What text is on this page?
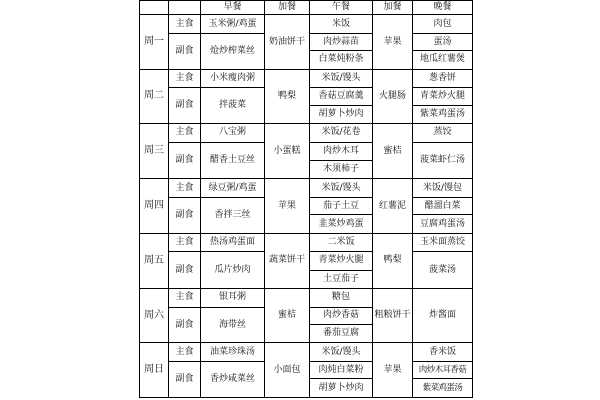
		早餐	加餐	午餐	加餐	晚餐
周一	主食	玉米粥/鸡蛋	奶油饼干	米饭	苹果	肉包
	副食	炝炒榨菜丝		肉炒蒜苗		蛋汤
				白菜炖粉条		地瓜红薯煲
周二	主食	小米瘦肉粥	鸭梨	米饭/馒头	火腿肠	葱香饼
	副食	拌菠菜		香菇豆腐羹		青菜炒火腿
				胡萝卜炒肉		紫菜鸡蛋汤
周三	主食	八宝粥	小蛋糕	米饭/花卷	蜜桔	蒸饺
	副食	醋香土豆丝		肉炒木耳		菠菜虾仁汤
				木须柿子		
周四	主食	绿豆粥/鸡蛋	苹果	米饭/馒头	红薯泥	米饭/馒包
	副食	香拌三丝		茄子土豆		醋溜白菜
				韭菜炒鸡蛋		豆腐鸡蛋汤
周五	主食	热汤鸡蛋面	蔬菜饼干	二米饭	鸭梨	玉米面蒸饺
	副食	瓜片炒肉		青菜炒火腿		菠菜汤
				土豆茄子		
周六	主食	银耳粥	蜜桔	糖包	粗粮饼干	炸酱面
	副食	海带丝		肉炒香菇		
				番茄豆腐		
周日	主食	油菜珍珠汤	小面包	米饭/馒头	苹果	香米饭
	副食	香炒咸菜丝		肉炖白菜粉		肉炒木耳香菇
				胡萝卜炒肉		紫菜鸡蛋汤
